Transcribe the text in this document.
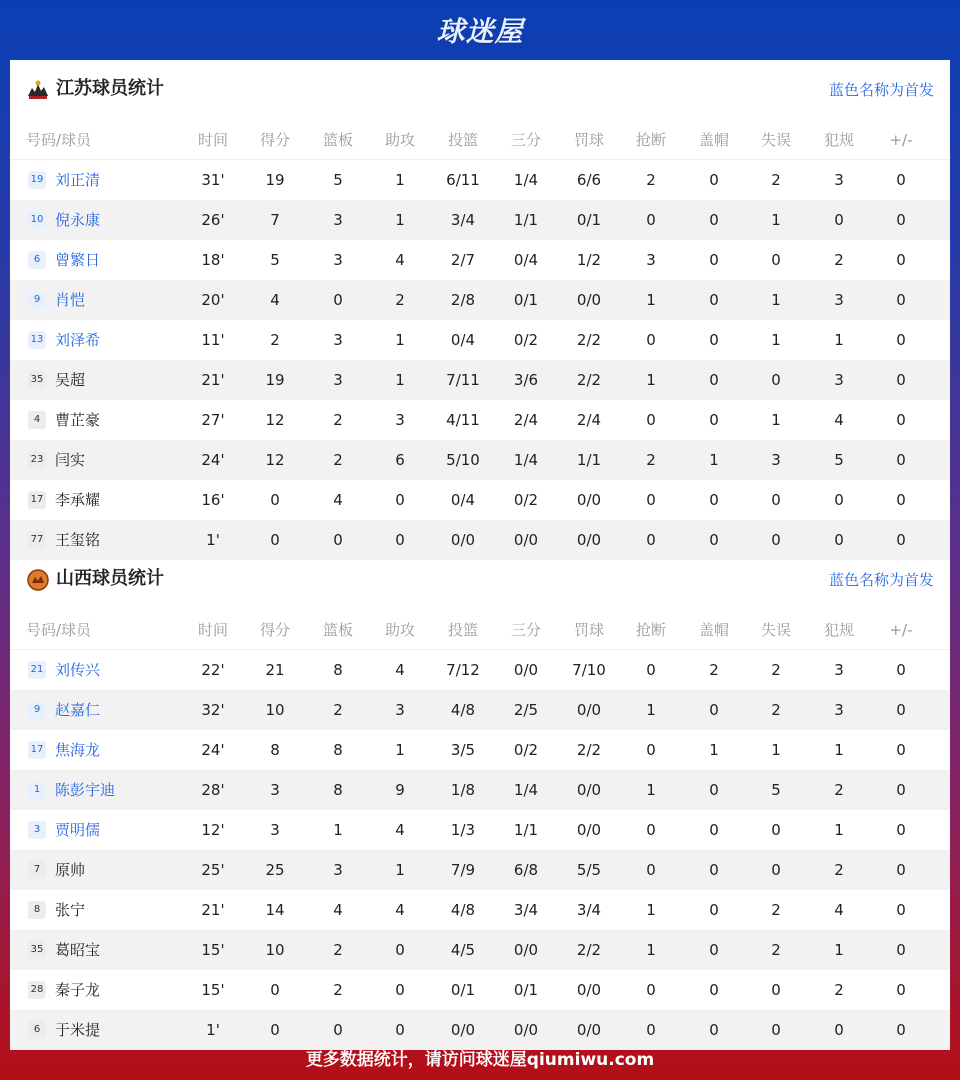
球迷屋
江苏球员统计	蓝色名称为首发
号码/球员	时间	得分	篮板	助攻	投篮	三分	罚球	抢断	盖帽	失误	犯规	+/-
19 刘正清	31'	19	5	1	6/11	1/4	6/6	2	0	2	3	0
10 倪永康	26'	7	3	1	3/4	1/1	0/1	0	0	1	0	0
6 曾繁日	18'	5	3	4	2/7	0/4	1/2	3	0	0	2	0
9 肖恺	20'	4	0	2	2/8	0/1	0/0	1	0	1	3	0
13 刘泽希	11'	2	3	1	0/4	0/2	2/2	0	0	1	1	0
35 吴超	21'	19	3	1	7/11	3/6	2/2	1	0	0	3	0
4 曹芷豪	27'	12	2	3	4/11	2/4	2/4	0	0	1	4	0
23 闫实	24'	12	2	6	5/10	1/4	1/1	2	1	3	5	0
17 李承耀	16'	0	4	0	0/4	0/2	0/0	0	0	0	0	0
77 王玺铭	1'	0	0	0	0/0	0/0	0/0	0	0	0	0	0
山西球员统计	蓝色名称为首发
号码/球员	时间	得分	篮板	助攻	投篮	三分	罚球	抢断	盖帽	失误	犯规	+/-
21 刘传兴	22'	21	8	4	7/12	0/0	7/10	0	2	2	3	0
9 赵嘉仁	32'	10	2	3	4/8	2/5	0/0	1	0	2	3	0
17 焦海龙	24'	8	8	1	3/5	0/2	2/2	0	1	1	1	0
1 陈彭宇迪	28'	3	8	9	1/8	1/4	0/0	1	0	5	2	0
3 贾明儒	12'	3	1	4	1/3	1/1	0/0	0	0	0	1	0
7 原帅	25'	25	3	1	7/9	6/8	5/5	0	0	0	2	0
8 张宁	21'	14	4	4	4/8	3/4	3/4	1	0	2	4	0
35 葛昭宝	15'	10	2	0	4/5	0/0	2/2	1	0	2	1	0
28 秦子龙	15'	0	2	0	0/1	0/1	0/0	0	0	0	2	0
6 于米提	1'	0	0	0	0/0	0/0	0/0	0	0	0	0	0
更多数据统计，请访问球迷屋qiumiwu.com
